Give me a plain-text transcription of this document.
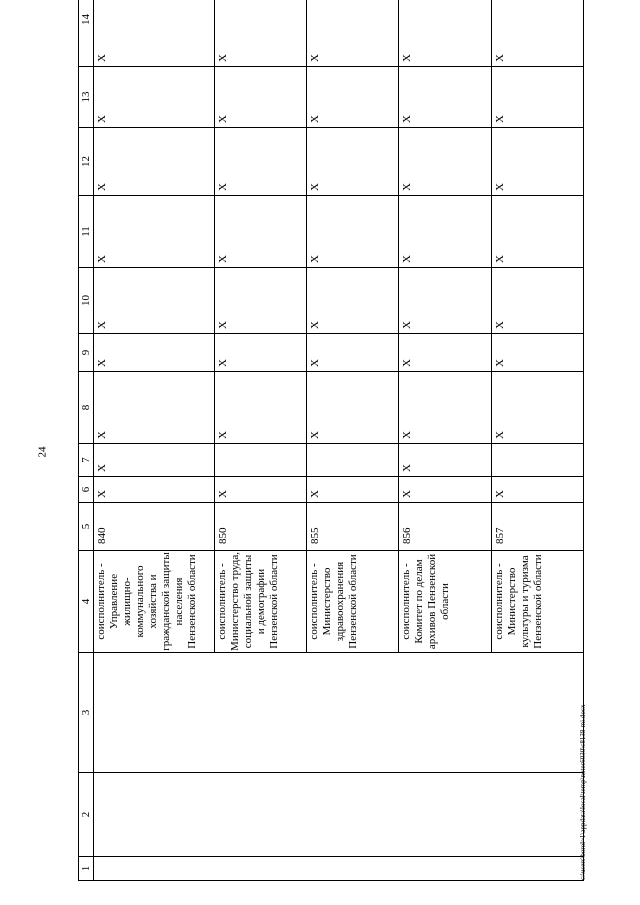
24
1	2	3	4	5	6	7	8	9	10	11	12	13	14
			соисполнитель - Управление жилищно-коммунального хозяйства и гражданской защиты населения Пензенской области	840	X	X	X	X	X	X	X	X	X
			соисполнитель - Министерство труда, социальной защиты и демографии Пензенской области	850	X		X	X	X	X	X	X	X
			соисполнитель - Министерство здравоохранения Пензенской области	855	X		X	X	X	X	X	X	X
			соисполнитель - Комитет по делам архивов Пензенской области	856	X	X	X	X	X	X	X	X	X
			соисполнитель - Министерство культуры и туризма Пензенской области	857	X		X	X	X	X	X	X	X
c:\users\borol~1\appdata\local\temp\notes6030\c8138-mi.docx
